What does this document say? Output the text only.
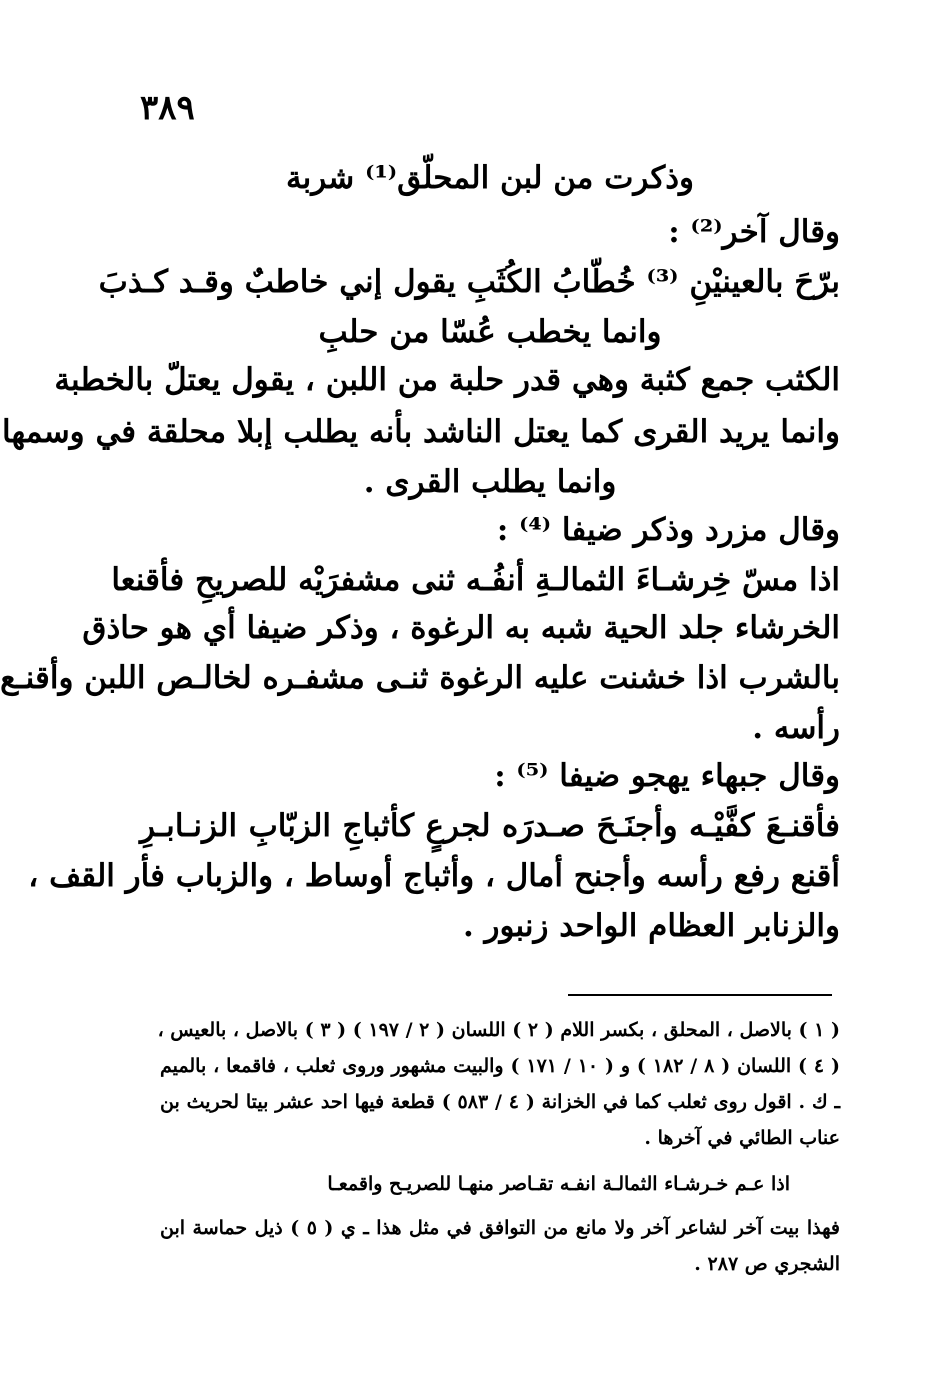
٣٨٩
وذكرت من لبن المحلّق⁽¹⁾ شربة
وقال آخر⁽²⁾ :
برّحَ بالعينيْنِ ⁽³⁾ خُطّابُ الكُثَبِ يقول إني خاطبٌ وقـد كـذبَ
وانما يخطب عُسّا من حلبِ
الكثب جمع كثبة وهي قدر حلبة من اللبن ، يقول يعتلّ بالخطبة
وانما يريد القرى كما يعتل الناشد بأنه يطلب إبلا محلقة في وسمها
وانما يطلب القرى .
وقال مزرد وذكر ضيفا ⁽⁴⁾ :
اذا مسّ خِرشـاءَ الثمالـةِ أنفُـه ثنى مشفرَيْه للصريحِ فأقنعا
الخرشاء جلد الحية شبه به الرغوة ، وذكر ضيفا أي هو حاذق
بالشرب اذا خشنت عليه الرغوة ثنـى مشفـره لخالـص اللبن وأقنـع
رأسه .
وقال جبهاء يهجو ضيفا ⁽⁵⁾ :
فأقنـعَ كفَّيْـه وأجنَـحَ صـدرَه لجرعٍ كأثباجِ الزبّابِ الزنـابـرِ
أقنع رفع رأسه وأجنح أمال ، وأثباج أوساط ، والزباب فأر القف ،
والزنابر العظام الواحد زنبور .
( ١ ) بالاصل ، المحلق ، بكسر اللام ( ٢ ) اللسان ( ٢ / ١٩٧ ) ( ٣ ) بالاصل ، بالعيس ،
( ٤ ) اللسان ( ٨ / ١٨٢ ) و ( ١٠ / ١٧١ ) والبيت مشهور وروى ثعلب ، فاقمعا ، بالميم
ـ ك . اقول روى ثعلب كما في الخزانة ( ٤ / ٥٨٣ ) قطعة فيها احد عشر بيتا لحريث بن
عناب الطائي في آخرها .
اذا عـم خـرشـاء الثمالـة انفـه تقـاصر منهـا للصريـح واقمعـا
فهذا بيت آخر لشاعر آخر ولا مانع من التوافق في مثل هذا ـ ي ( ٥ ) ذيل حماسة ابن
الشجري ص ٢٨٧ .
